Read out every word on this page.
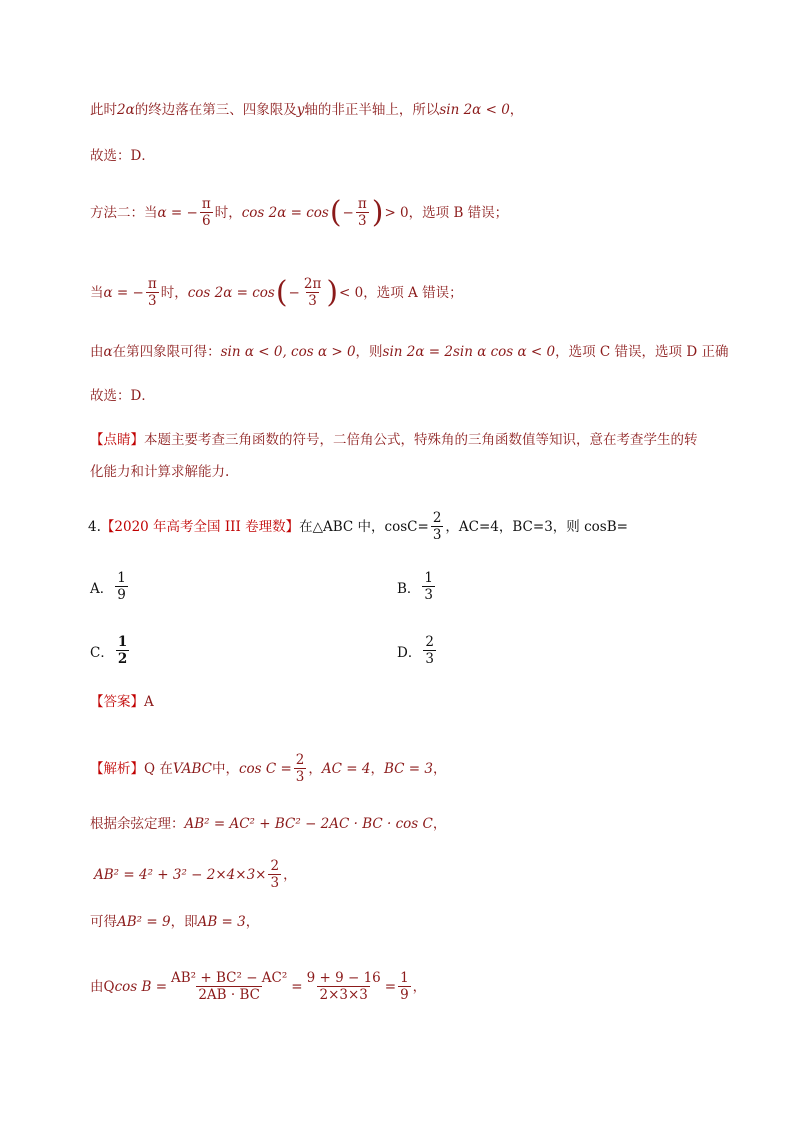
此时 2α 的终边落在第三、四象限及 y 轴的非正半轴上，所以 sin 2α < 0 ，
故选：D．
方法二：当 α = − $\frac{\pi}{6}$ 时， cos 2α = cos ( − $\frac{\pi}{3}$ ) > 0 ，选项 B 错误；
当 α = − $\frac{\pi}{3}$ 时， cos 2α = cos ( − $\frac{2\pi}{3}$ ) < 0 ，选项 A 错误；
由 α 在第四象限可得： sin α < 0, cos α > 0 ，则 sin 2α = 2sin α cos α < 0 ，选项 C 错误，选项 D 正确
故选：D．
【点睛】 本题主要考查三角函数的符号，二倍角公式，特殊角的三角函数值等知识，意在考查学生的转
化能力和计算求解能力.
4. 【2020 年高考全国 III 卷理数】 在△ABC 中，$\cos C= \frac{2}{3}$ ，AC=4，BC=3，则 cosB=
A． $\frac{1}{9}$	B． $\frac{1}{3}$
C． $\frac{1}{2}$	D． $\frac{2}{3}$
【答案】 A
【解析】 Q 在 VABC 中， $\cos C = \frac{2}{3}$ ， AC = 4 ， BC = 3 ，
根据余弦定理： AB² = AC² + BC² − 2AC · BC · cos C ，
$AB^2 = 4^2 + 3^2 - 2\times 4\times 3\times \frac{2}{3}$ ，
可得 AB² = 9 ，即 AB = 3 ，
由Q $\cos B = \frac{\text{AB² + BC² − AC²}}{2AB \cdot BC} = \frac{9 + 9 - 16}{2\times 3\times 3} = \frac{1}{9}$ ，
